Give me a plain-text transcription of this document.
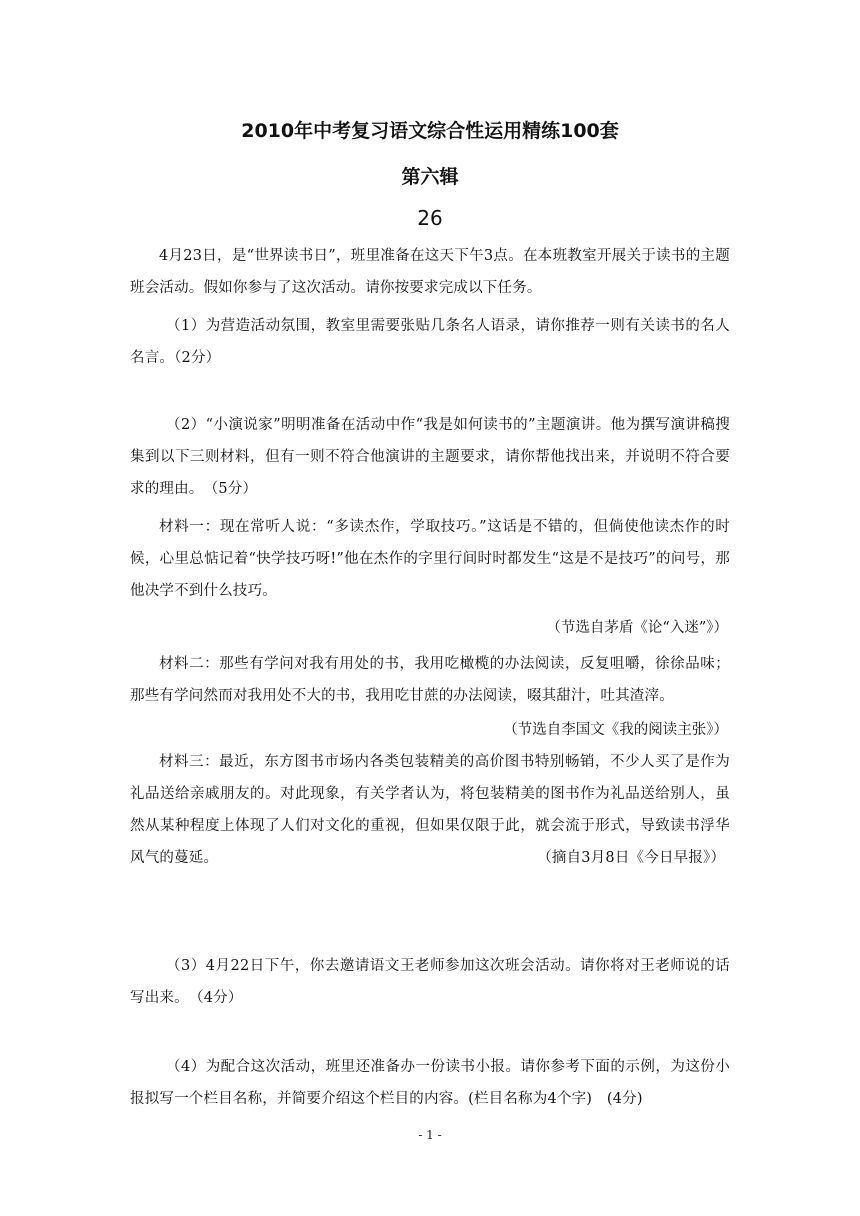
2010年中考复习语文综合性运用精练100套
第六辑
26
4月23日，是“世界读书日”，班里准备在这天下午3点。在本班教室开展关于读书的主题班会活动。假如你参与了这次活动。请你按要求完成以下任务。
（1）为营造活动氛围，教室里需要张贴几条名人语录，请你推荐一则有关读书的名人名言。（2分）
（2）“小演说家”明明准备在活动中作“我是如何读书的”主题演讲。他为撰写演讲稿搜集到以下三则材料，但有一则不符合他演讲的主题要求，请你帮他找出来，并说明不符合要求的理由。　（5分）
材料一：现在常听人说：“多读杰作，学取技巧。”这话是不错的，但倘使他读杰作的时候，心里总惦记着“快学技巧呀!”他在杰作的字里行间时时都发生“这是不是技巧”的问号，那他决学不到什么技巧。
（节选自茅盾《论“入迷”》）
材料二：那些有学问对我有用处的书，我用吃橄榄的办法阅读，反复咀嚼，徐徐品味；那些有学问然而对我用处不大的书，我用吃甘蔗的办法阅读，啜其甜汁，吐其渣滓。
（节选自李国文《我的阅读主张》）
材料三：最近，东方图书市场内各类包装精美的高价图书特别畅销，不少人买了是作为礼品送给亲戚朋友的。对此现象，有关学者认为，将包装精美的图书作为礼品送给别人，虽然从某种程度上体现了人们对文化的重视，但如果仅限于此，就会流于形式，导致读书浮华风气的蔓延。	（摘自3月8日《今日早报》）
（3）4月22日下午，你去邀请语文王老师参加这次班会活动。请你将对王老师说的话写出来。　（4分）
（4）为配合这次活动，班里还准备办一份读书小报。请你参考下面的示例，为这份小报拟写一个栏目名称，并简要介绍这个栏目的内容。(栏目名称为4个字)　(4分)
- 1 -
